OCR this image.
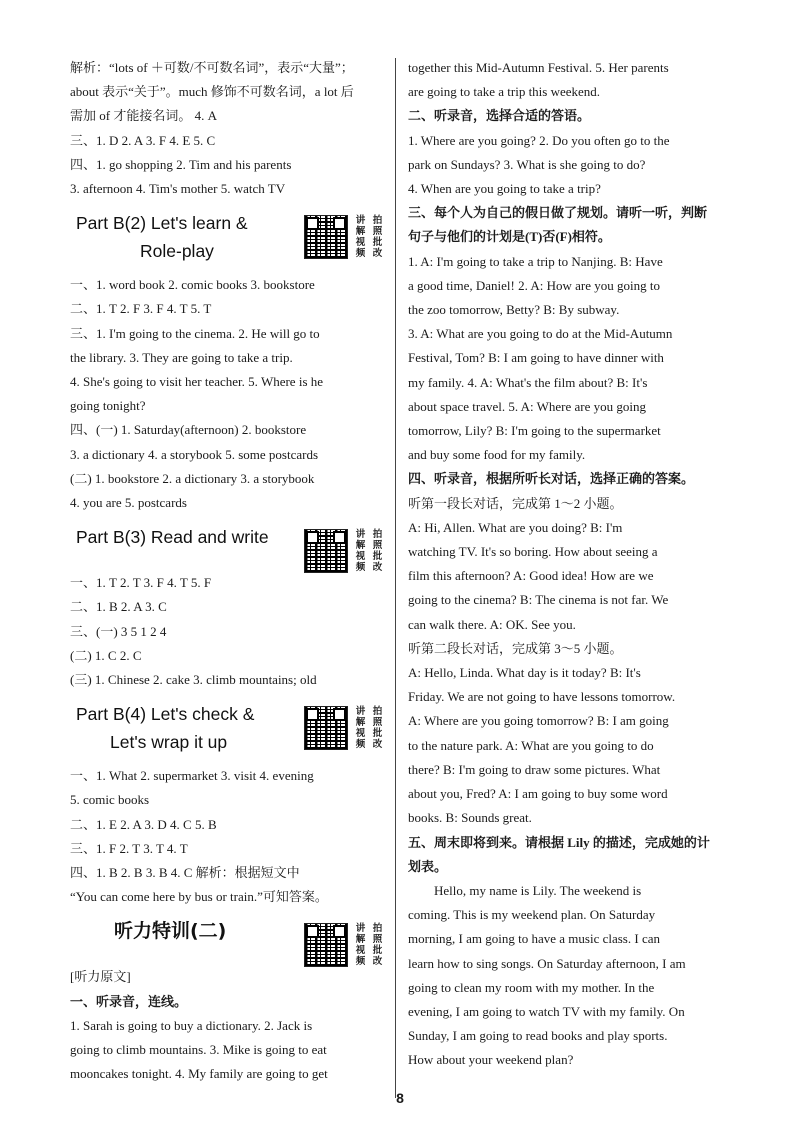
解析：“lots of ＋可数/不可数名词”，表示“大量”；
about 表示“关于”。much 修饰不可数名词，a lot 后
需加 of 才能接名词。 4. A
三、1. D 2. A 3. F 4. E 5. C
四、1. go shopping 2. Tim and his parents
3. afternoon 4. Tim's mother 5. watch TV
Part B(2) Let's learn &
Role-play
讲 拍
解 照
视 批
频 改
一、1. word book 2. comic books 3. bookstore
二、1. T 2. F 3. F 4. T 5. T
三、1. I'm going to the cinema. 2. He will go to
the library. 3. They are going to take a trip.
4. She's going to visit her teacher. 5. Where is he
going tonight?
四、(一) 1. Saturday(afternoon) 2. bookstore
3. a dictionary 4. a storybook 5. some postcards
(二) 1. bookstore 2. a dictionary 3. a storybook
4. you are 5. postcards
Part B(3) Read and write	讲 拍
解 照
视 批
频 改
一、1. T 2. T 3. F 4. T 5. F
二、1. B 2. A 3. C
三、(一) 3 5 1 2 4
(二) 1. C 2. C
(三) 1. Chinese 2. cake 3. climb mountains; old
Part B(4) Let's check &
Let's wrap it up
讲 拍
解 照
视 批
频 改
一、1. What 2. supermarket 3. visit 4. evening
5. comic books
二、1. E 2. A 3. D 4. C 5. B
三、1. F 2. T 3. T 4. T
四、1. B 2. B 3. B 4. C 解析：根据短文中
“You can come here by bus or train.”可知答案。
听力特训(二)	讲 拍
解 照
视 批
频 改
[听力原文]
一、听录音，连线。
1. Sarah is going to buy a dictionary. 2. Jack is
going to climb mountains. 3. Mike is going to eat
mooncakes tonight. 4. My family are going to get
together this Mid-Autumn Festival. 5. Her parents
are going to take a trip this weekend.
二、听录音，选择合适的答语。
1. Where are you going? 2. Do you often go to the
park on Sundays? 3. What is she going to do?
4. When are you going to take a trip?
三、每个人为自己的假日做了规划。请听一听，判断
句子与他们的计划是(T)否(F)相符。
1. A: I'm going to take a trip to Nanjing. B: Have
a good time, Daniel! 2. A: How are you going to
the zoo tomorrow, Betty? B: By subway.
3. A: What are you going to do at the Mid-Autumn
Festival, Tom? B: I am going to have dinner with
my family. 4. A: What's the film about? B: It's
about space travel. 5. A: Where are you going
tomorrow, Lily? B: I'm going to the supermarket
and buy some food for my family.
四、听录音，根据所听长对话，选择正确的答案。
听第一段长对话，完成第 1～2 小题。
A: Hi, Allen. What are you doing? B: I'm
watching TV. It's so boring. How about seeing a
film this afternoon? A: Good idea! How are we
going to the cinema? B: The cinema is not far. We
can walk there. A: OK. See you.
听第二段长对话，完成第 3～5 小题。
A: Hello, Linda. What day is it today? B: It's
Friday. We are not going to have lessons tomorrow.
A: Where are you going tomorrow? B: I am going
to the nature park. A: What are you going to do
there? B: I'm going to draw some pictures. What
about you, Fred? A: I am going to buy some word
books. B: Sounds great.
五、周末即将到来。请根据 Lily 的描述，完成她的计
划表。
Hello, my name is Lily. The weekend is
coming. This is my weekend plan. On Saturday
morning, I am going to have a music class. I can
learn how to sing songs. On Saturday afternoon, I am
going to clean my room with my mother. In the
evening, I am going to watch TV with my family. On
Sunday, I am going to read books and play sports.
How about your weekend plan?
8
